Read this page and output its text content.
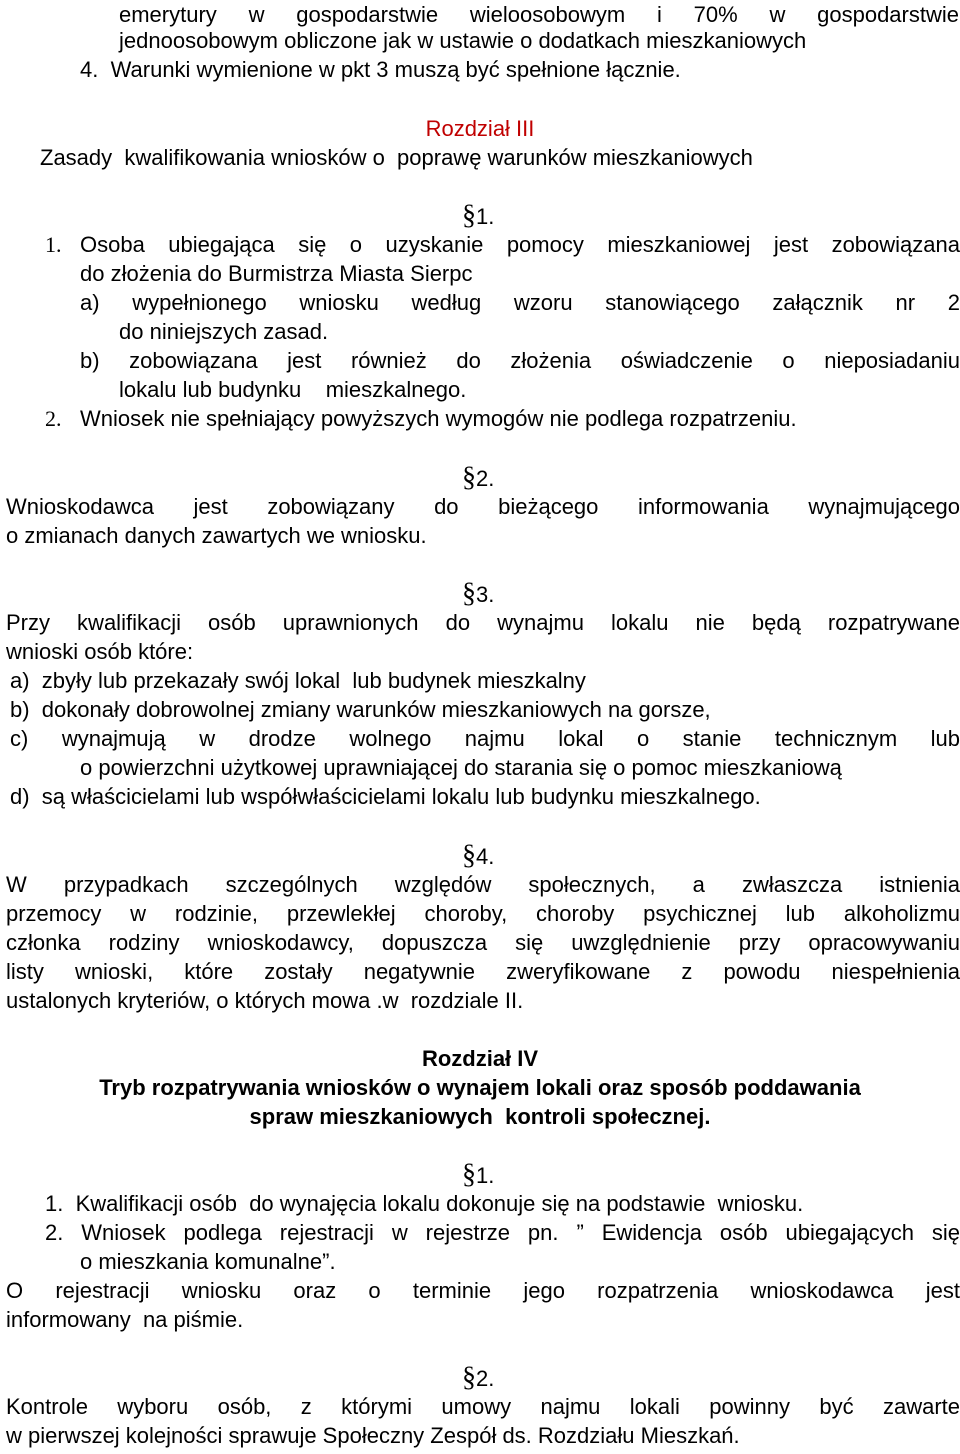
emerytury w gospodarstwie wieloosobowym i 70% w gospodarstwie
jednoosobowym obliczone jak w ustawie o dodatkach mieszkaniowych
4.  Warunki wymienione w pkt 3 muszą być spełnione łącznie.
Rozdział III
Zasady  kwalifikowania wniosków o  poprawę warunków mieszkaniowych
§1.
1. Osoba ubiegająca się o uzyskanie pomocy mieszkaniowej jest zobowiązana
do złożenia do Burmistrza Miasta Sierpc
a) wypełnionego wniosku według wzoru stanowiącego załącznik nr 2
do niniejszych zasad.
b) zobowiązana jest również do złożenia oświadczenie o nieposiadaniu
lokalu lub budynku    mieszkalnego.
2. Wniosek nie spełniający powyższych wymogów nie podlega rozpatrzeniu.
§2.
Wnioskodawca jest zobowiązany do bieżącego informowania wynajmującego
o zmianach danych zawartych we wniosku.
§3.
Przy kwalifikacji osób uprawnionych do wynajmu lokalu nie będą rozpatrywane
wnioski osób które:
a)  zbyły lub przekazały swój lokal  lub budynek mieszkalny
b)  dokonały dobrowolnej zmiany warunków mieszkaniowych na gorsze,
c) wynajmują w drodze wolnego najmu lokal o stanie technicznym lub
o powierzchni użytkowej uprawniającej do starania się o pomoc mieszkaniową
d)  są właścicielami lub współwłaścicielami lokalu lub budynku mieszkalnego.
§4.
W przypadkach szczególnych względów społecznych, a zwłaszcza istnienia
przemocy w rodzinie, przewlekłej choroby, choroby psychicznej lub alkoholizmu
członka rodziny wnioskodawcy, dopuszcza się uwzględnienie przy opracowywaniu
listy wnioski, które zostały negatywnie zweryfikowane z powodu niespełnienia
ustalonych kryteriów, o których mowa .w  rozdziale II.
Rozdział IV
Tryb rozpatrywania wniosków o wynajem lokali oraz sposób poddawania
spraw mieszkaniowych  kontroli społecznej.
§1.
1.  Kwalifikacji osób  do wynajęcia lokalu dokonuje się na podstawie  wniosku.
2. Wniosek podlega rejestracji w rejestrze pn. ” Ewidencja osób ubiegających się
o mieszkania komunalne”.
O rejestracji wniosku oraz o terminie jego rozpatrzenia wnioskodawca jest
informowany  na piśmie.
§2.
Kontrole wyboru osób, z którymi umowy najmu lokali powinny być zawarte
w pierwszej kolejności sprawuje Społeczny Zespół ds. Rozdziału Mieszkań.
